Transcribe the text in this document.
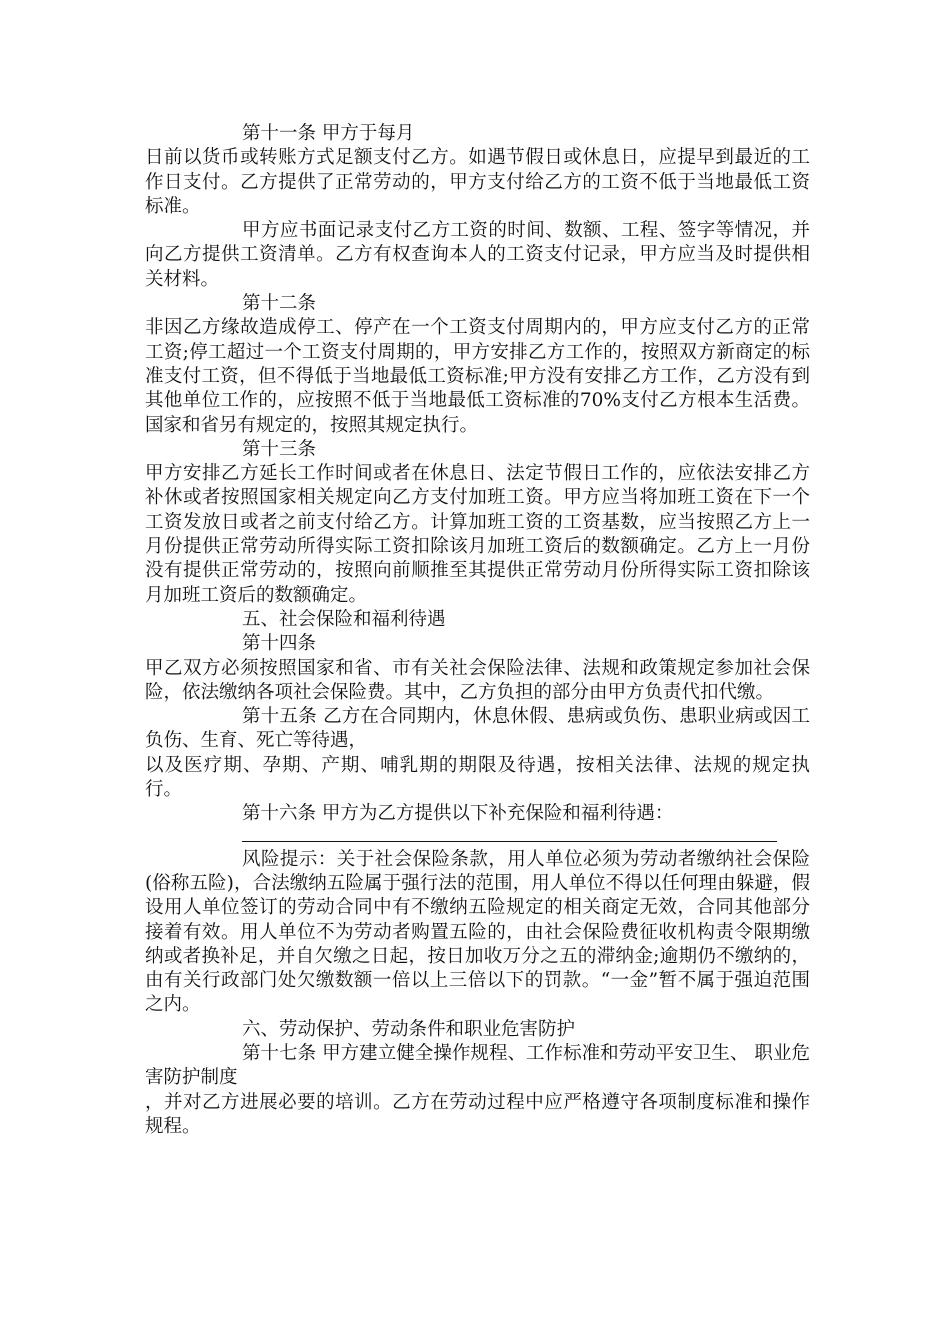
第十一条 甲方于每月

日前以货币或转账方式足额支付乙方。如遇节假日或休息日，应提早到最近的工作日支付。乙方提供了正常劳动的，甲方支付给乙方的工资不低于当地最低工资标准。

甲方应书面记录支付乙方工资的时间、数额、工程、签字等情况，并向乙方提供工资清单。乙方有权查询本人的工资支付记录，甲方应当及时提供相关材料。

第十二条

非因乙方缘故造成停工、停产在一个工资支付周期内的，甲方应支付乙方的正常工资;停工超过一个工资支付周期的，甲方安排乙方工作的，按照双方新商定的标准支付工资，但不得低于当地最低工资标准;甲方没有安排乙方工作，乙方没有到其他单位工作的，应按照不低于当地最低工资标准的70%支付乙方根本生活费。国家和省另有规定的，按照其规定执行。

第十三条

甲方安排乙方延长工作时间或者在休息日、法定节假日工作的，应依法安排乙方补休或者按照国家相关规定向乙方支付加班工资。甲方应当将加班工资在下一个工资发放日或者之前支付给乙方。计算加班工资的工资基数，应当按照乙方上一月份提供正常劳动所得实际工资扣除该月加班工资后的数额确定。乙方上一月份没有提供正常劳动的，按照向前顺推至其提供正常劳动月份所得实际工资扣除该月加班工资后的数额确定。

五、社会保险和福利待遇

第十四条

甲乙双方必须按照国家和省、市有关社会保险法律、法规和政策规定参加社会保险，依法缴纳各项社会保险费。其中，乙方负担的部分由甲方负责代扣代缴。

第十五条 乙方在合同期内，休息休假、患病或负伤、患职业病或因工负伤、生育、死亡等待遇，

以及医疗期、孕期、产期、哺乳期的期限及待遇，按相关法律、法规的规定执行。

第十六条 甲方为乙方提供以下补充保险和福利待遇：

风险提示：关于社会保险条款，用人单位必须为劳动者缴纳社会保险(俗称五险)，合法缴纳五险属于强行法的范围，用人单位不得以任何理由躲避，假设用人单位签订的劳动合同中有不缴纳五险规定的相关商定无效，合同其他部分接着有效。用人单位不为劳动者购置五险的，由社会保险费征收机构责令限期缴纳或者换补足，并自欠缴之日起，按日加收万分之五的滞纳金;逾期仍不缴纳的，由有关行政部门处欠缴数额一倍以上三倍以下的罚款。“一金”暂不属于强迫范围之内。

六、劳动保护、劳动条件和职业危害防护

第十七条 甲方建立健全操作规程、工作标准和劳动平安卫生、 职业危害防护制度

，并对乙方进展必要的培训。乙方在劳动过程中应严格遵守各项制度标准和操作规程。
